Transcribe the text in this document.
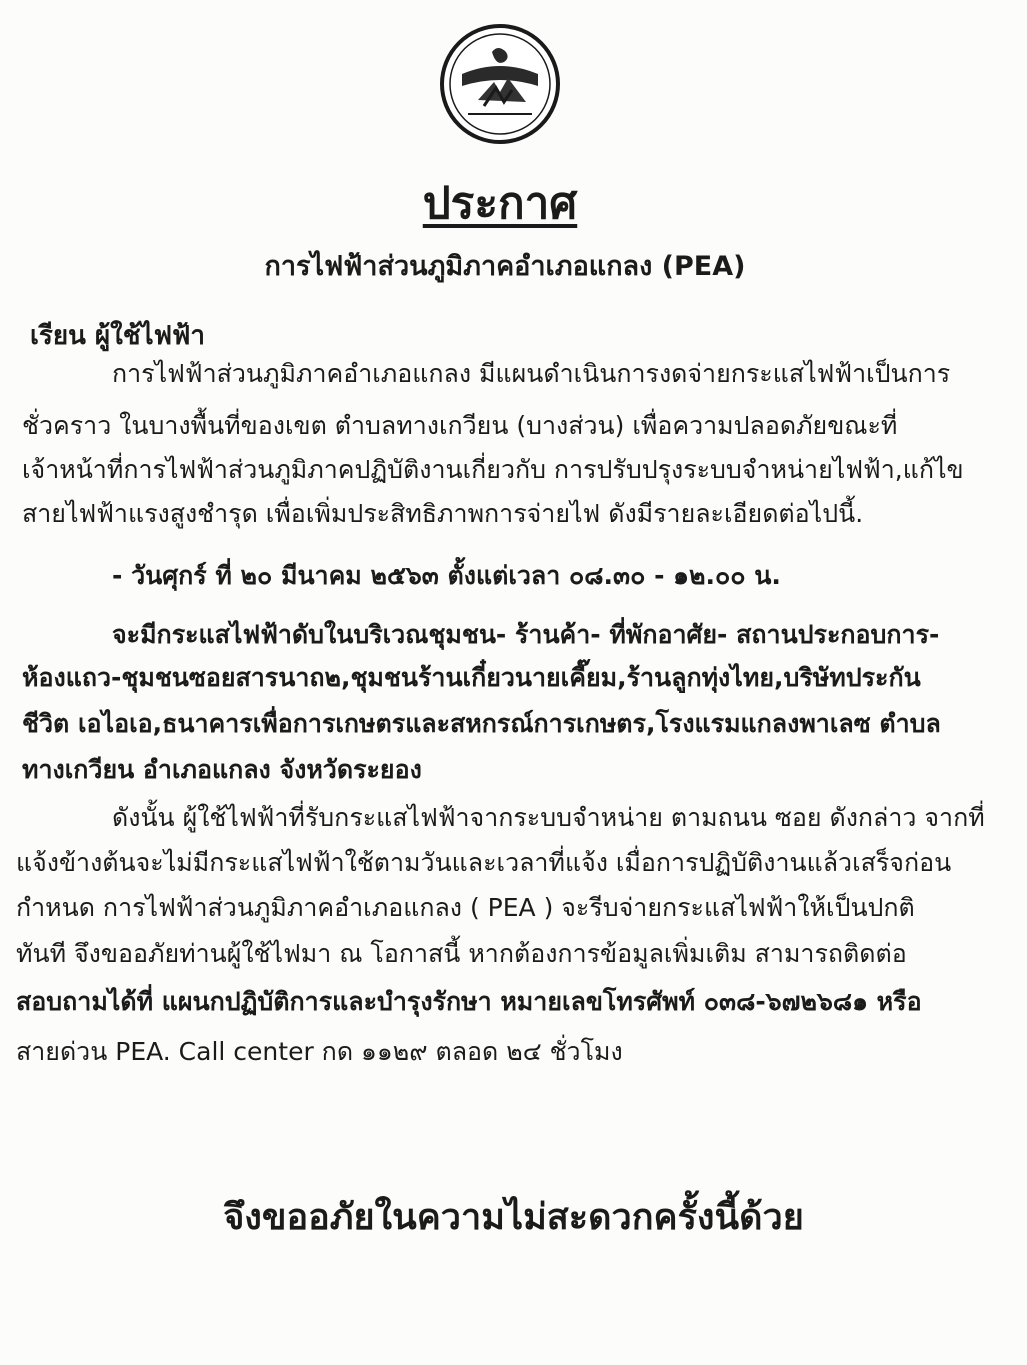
ประกาศ
การไฟฟ้าส่วนภูมิภาคอำเภอแกลง (PEA)
เรียน ผู้ใช้ไฟฟ้า
การไฟฟ้าส่วนภูมิภาคอำเภอแกลง มีแผนดำเนินการงดจ่ายกระแสไฟฟ้าเป็นการ
ชั่วคราว ในบางพื้นที่ของเขต ตำบลทางเกวียน (บางส่วน) เพื่อความปลอดภัยขณะที่
เจ้าหน้าที่การไฟฟ้าส่วนภูมิภาคปฏิบัติงานเกี่ยวกับ การปรับปรุงระบบจำหน่ายไฟฟ้า,แก้ไข
สายไฟฟ้าแรงสูงชำรุด เพื่อเพิ่มประสิทธิภาพการจ่ายไฟ ดังมีรายละเอียดต่อไปนี้.
- วันศุกร์ ที่ ๒๐ มีนาคม ๒๕๖๓ ตั้งแต่เวลา ๐๘.๓๐ - ๑๒.๐๐ น.
จะมีกระแสไฟฟ้าดับในบริเวณชุมชน- ร้านค้า- ที่พักอาศัย- สถานประกอบการ-
ห้องแถว-ชุมชนซอยสารนาถ๒,ชุมชนร้านเกี๋ยวนายเคี๊ยม,ร้านลูกทุ่งไทย,บริษัทประกัน
ชีวิต เอไอเอ,ธนาคารเพื่อการเกษตรและสหกรณ์การเกษตร,โรงแรมแกลงพาเลซ ตำบล
ทางเกวียน อำเภอแกลง จังหวัดระยอง
ดังนั้น ผู้ใช้ไฟฟ้าที่รับกระแสไฟฟ้าจากระบบจำหน่าย ตามถนน ซอย ดังกล่าว จากที่
แจ้งข้างต้นจะไม่มีกระแสไฟฟ้าใช้ตามวันและเวลาที่แจ้ง เมื่อการปฏิบัติงานแล้วเสร็จก่อน
กำหนด การไฟฟ้าส่วนภูมิภาคอำเภอแกลง ( PEA ) จะรีบจ่ายกระแสไฟฟ้าให้เป็นปกติ
ทันที จึงขออภัยท่านผู้ใช้ไฟมา ณ โอกาสนี้ หากต้องการข้อมูลเพิ่มเติม สามารถติดต่อ
สอบถามได้ที่ แผนกปฏิบัติการและบำรุงรักษา หมายเลขโทรศัพท์ ๐๓๘-๖๗๒๖๘๑ หรือ
สายด่วน PEA. Call center กด ๑๑๒๙ ตลอด ๒๔ ชั่วโมง
จึงขออภัยในความไม่สะดวกครั้งนี้ด้วย
